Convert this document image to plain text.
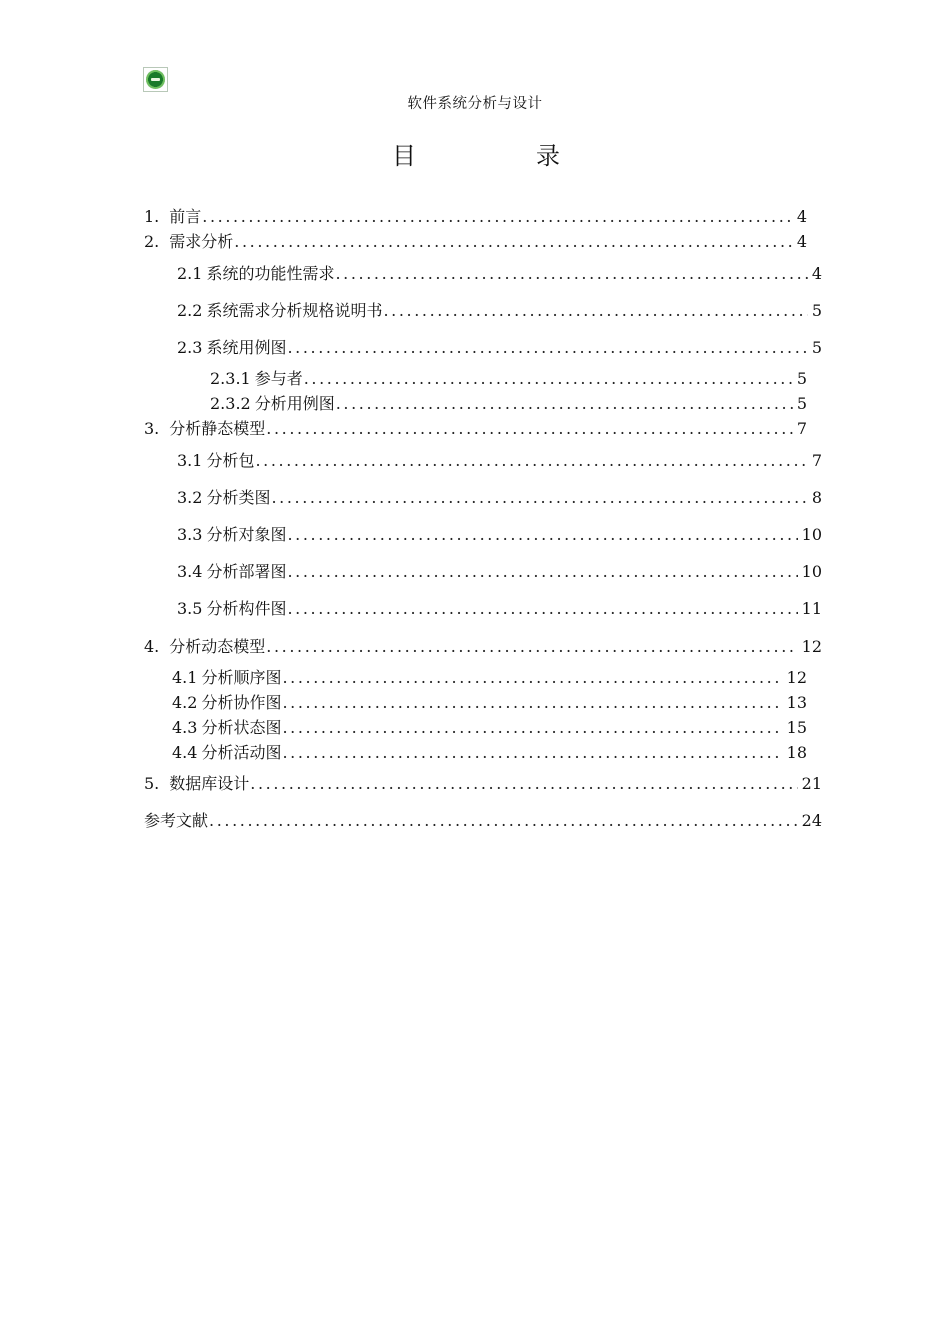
软件系统分析与设计
目	录
1. 前言 .....	4
2. 需求分析 .....	4
2.1 系统的功能性需求 .....	4
2.2 系统需求分析规格说明书 .....	5
2.3 系统用例图 .....	5
2.3.1 参与者 .....	5
2.3.2 分析用例图 .....	5
3. 分析静态模型 .....	7
3.1 分析包 .....	7
3.2 分析类图 .....	8
3.3 分析对象图 .....	10
3.4 分析部署图 .....	10
3.5 分析构件图 .....	11
4. 分析动态模型 .....	12
4.1 分析顺序图 .....	12
4.2 分析协作图 .....	13
4.3 分析状态图 .....	15
4.4 分析活动图 .....	18
5. 数据库设计 .....	21
参考文献 .....	24
